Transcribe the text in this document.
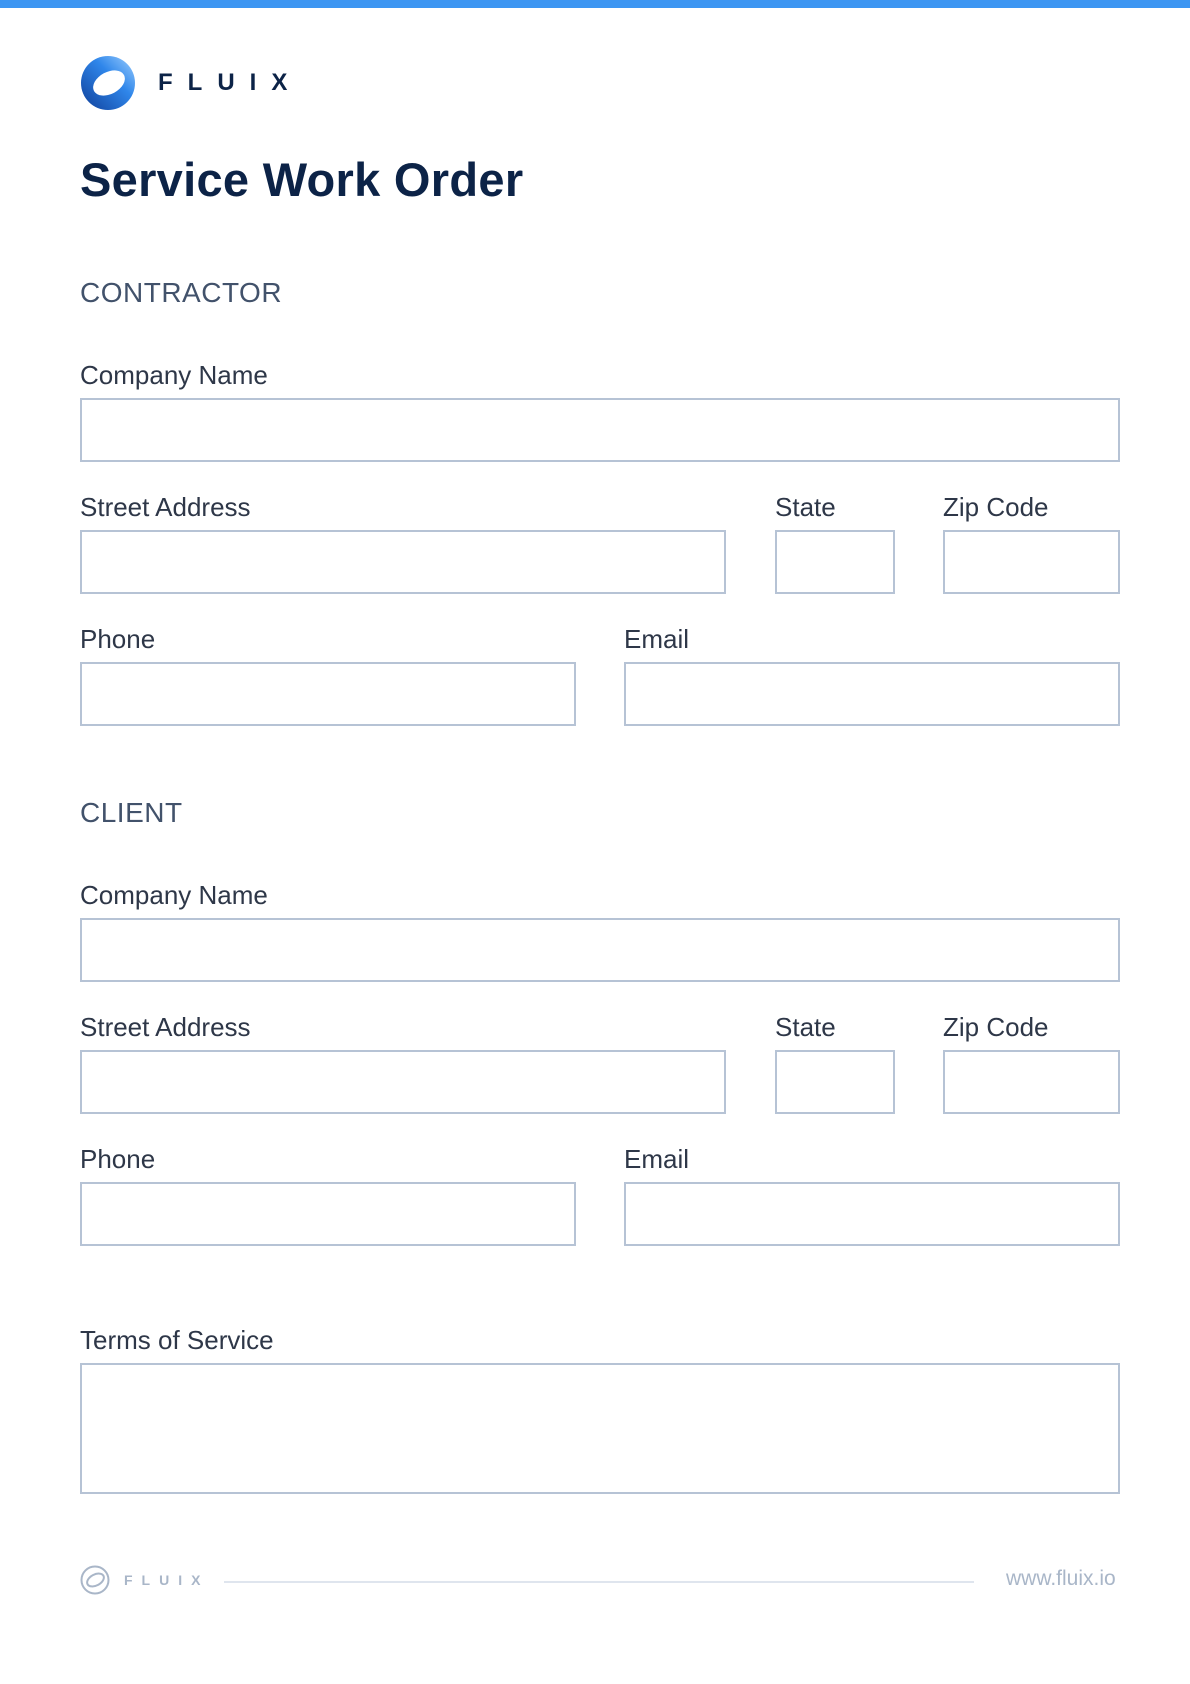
FLUIX
Service Work Order
CONTRACTOR
Company Name
Street Address	State	Zip Code
Phone	Email
CLIENT
Company Name
Street Address	State	Zip Code
Phone	Email
Terms of Service
FLUIX	www.fluix.io
